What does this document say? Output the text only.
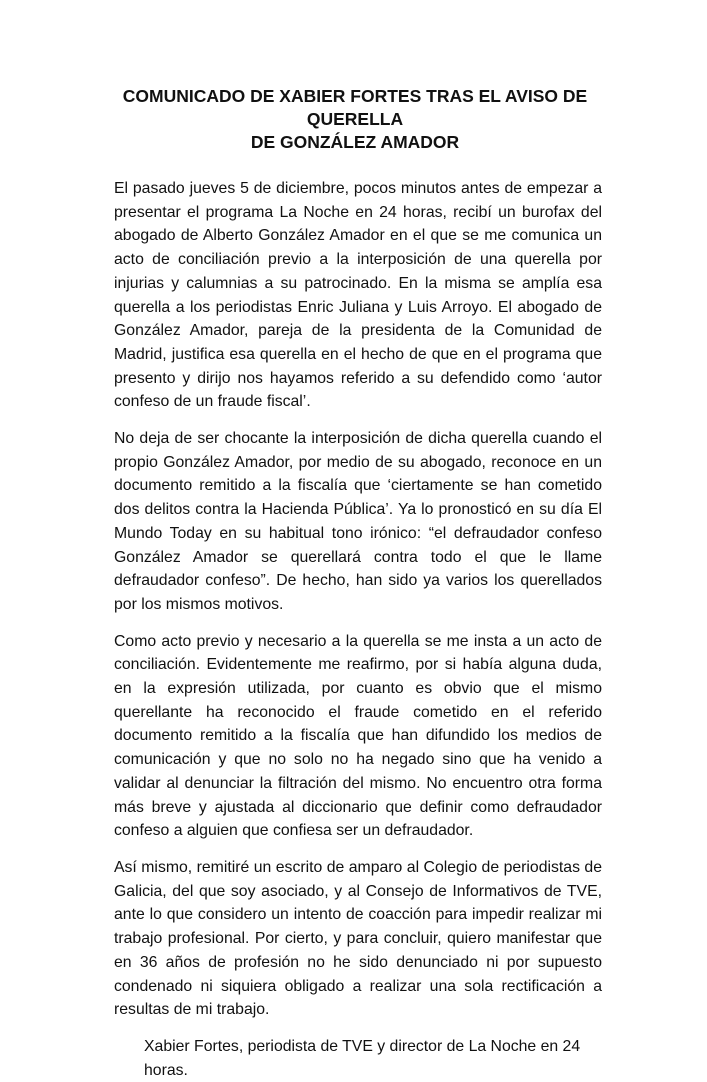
COMUNICADO DE XABIER FORTES TRAS EL AVISO DE QUERELLA
DE GONZÁLEZ AMADOR

El pasado jueves 5 de diciembre, pocos minutos antes de empezar a presentar el programa La Noche en 24 horas, recibí un burofax del abogado de Alberto González Amador en el que se me comunica un acto de conciliación previo a la interposición de una querella por injurias y calumnias a su patrocinado. En la misma se amplía esa querella a los periodistas Enric Juliana y Luis Arroyo. El abogado de González Amador, pareja de la presidenta de la Comunidad de Madrid, justifica esa querella en el hecho de que en el programa que presento y dirijo nos hayamos referido a su defendido como ‘autor confeso de un fraude fiscal’.

No deja de ser chocante la interposición de dicha querella cuando el propio González Amador, por medio de su abogado, reconoce en un documento remitido a la fiscalía que ‘ciertamente se han cometido dos delitos contra la Hacienda Pública’. Ya lo pronosticó en su día El Mundo Today en su habitual tono irónico: “el defraudador confeso González Amador se querellará contra todo el que le llame defraudador confeso”. De hecho, han sido ya varios los querellados por los mismos motivos.

Como acto previo y necesario a la querella se me insta a un acto de conciliación. Evidentemente me reafirmo, por si había alguna duda, en la expresión utilizada, por cuanto es obvio que el mismo querellante ha reconocido el fraude cometido en el referido documento remitido a la fiscalía que han difundido los medios de comunicación y que no solo no ha negado sino que ha venido a validar al denunciar la filtración del mismo. No encuentro otra forma más breve y ajustada al diccionario que definir como defraudador confeso a alguien que confiesa ser un defraudador.

Así mismo, remitiré un escrito de amparo al Colegio de periodistas de Galicia, del que soy asociado, y al Consejo de Informativos de TVE, ante lo que considero un intento de coacción para impedir realizar mi trabajo profesional. Por cierto, y para concluir, quiero manifestar que en 36 años de profesión no he sido denunciado ni por supuesto condenado ni siquiera obligado a realizar una sola rectificación a resultas de mi trabajo.

Xabier Fortes, periodista de TVE y director de La Noche en 24 horas.
